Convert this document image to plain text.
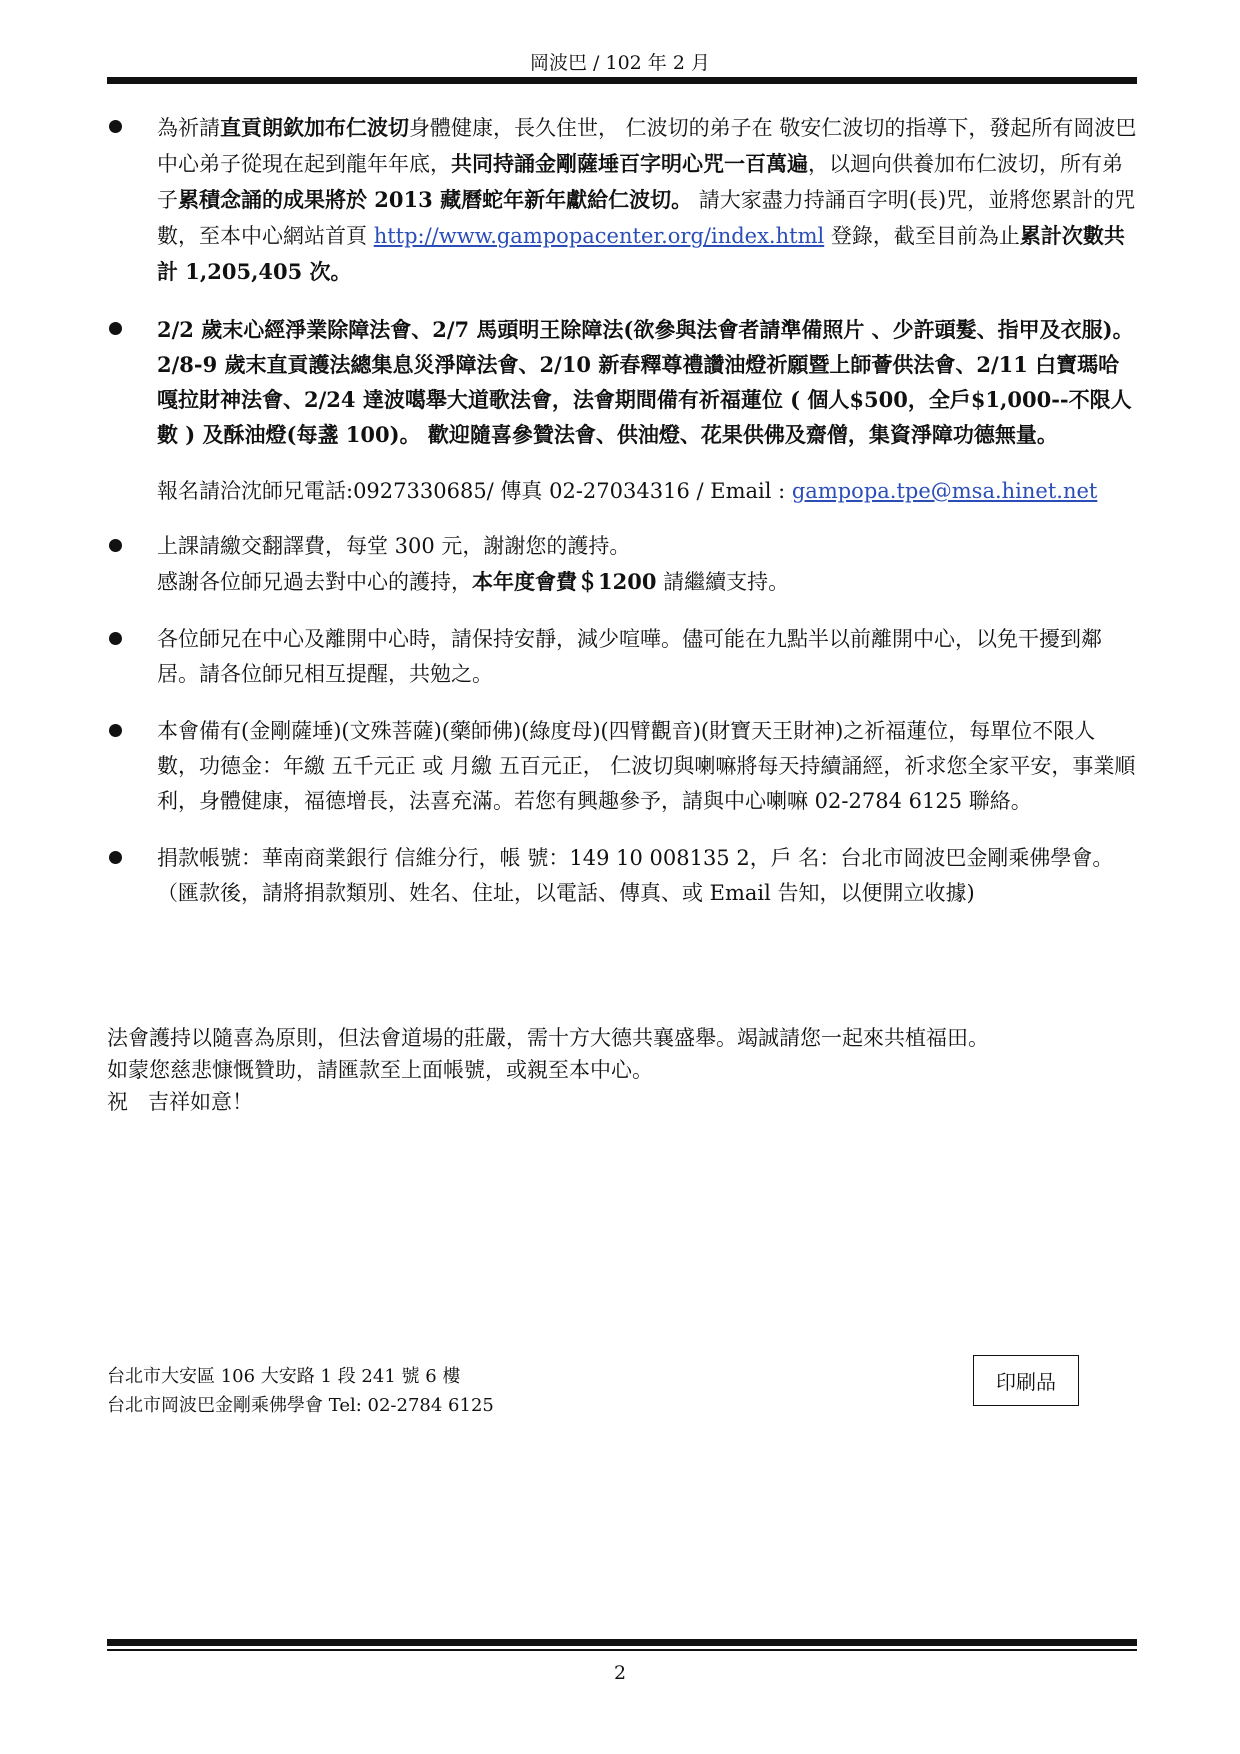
岡波巴 / 102 年 2 月
為祈請直貢朗欽加布仁波切身體健康，長久住世， 仁波切的弟子在 敬安仁波切的指導下，發起所有岡波巴中心弟子從現在起到龍年年底，共同持誦金剛薩埵百字明心咒一百萬遍，以迴向供養加布仁波切，所有弟子累積念誦的成果將於 2013 藏曆蛇年新年獻給仁波切。 請大家盡力持誦百字明(長)咒，並將您累計的咒數，至本中心網站首頁 http://www.gampopacenter.org/index.html 登錄，截至目前為止累計次數共計 1,205,405 次。
2/2 歲末心經淨業除障法會、2/7 馬頭明王除障法(欲參與法會者請準備照片 、少許頭髮、指甲及衣服)。 2/8-9 歲末直貢護法總集息災淨障法會、2/10 新春釋尊禮讚油燈祈願暨上師薈供法會、2/11 白寶瑪哈嘎拉財神法會、2/24 達波噶舉大道歌法會，法會期間備有祈福蓮位 ( 個人$500，全戶$1,000--不限人數 ) 及酥油燈(每盞 100)。 歡迎隨喜參贊法會、供油燈、花果供佛及齋僧，集資淨障功德無量。
報名請洽沈師兄電話:0927330685/ 傳真 02-27034316 / Email : gampopa.tpe@msa.hinet.net
上課請繳交翻譯費，每堂 300 元，謝謝您的護持。
感謝各位師兄過去對中心的護持，本年度會費＄1200 請繼續支持。
各位師兄在中心及離開中心時，請保持安靜，減少喧嘩。儘可能在九點半以前離開中心，以免干擾到鄰居。請各位師兄相互提醒，共勉之。
本會備有(金剛薩埵)(文殊菩薩)(藥師佛)(綠度母)(四臂觀音)(財寶天王財神)之祈福蓮位，每單位不限人數，功德金：年繳 五千元正 或 月繳 五百元正， 仁波切與喇嘛將每天持續誦經，祈求您全家平安，事業順利，身體健康，福德增長，法喜充滿。若您有興趣參予，請與中心喇嘛 02-2784 6125 聯絡。
捐款帳號：華南商業銀行 信維分行，帳 號：149 10 008135 2，戶 名：台北市岡波巴金剛乘佛學會。（匯款後，請將捐款類別、姓名、住址，以電話、傳真、或 Email 告知，以便開立收據)
法會護持以隨喜為原則，但法會道場的莊嚴，需十方大德共襄盛舉。竭誠請您一起來共植福田。
如蒙您慈悲慷慨贊助，請匯款至上面帳號，或親至本中心。
祝 吉祥如意！
台北市大安區 106 大安路 1 段 241 號 6 樓
台北市岡波巴金剛乘佛學會 Tel: 02-2784 6125
印刷品
2
